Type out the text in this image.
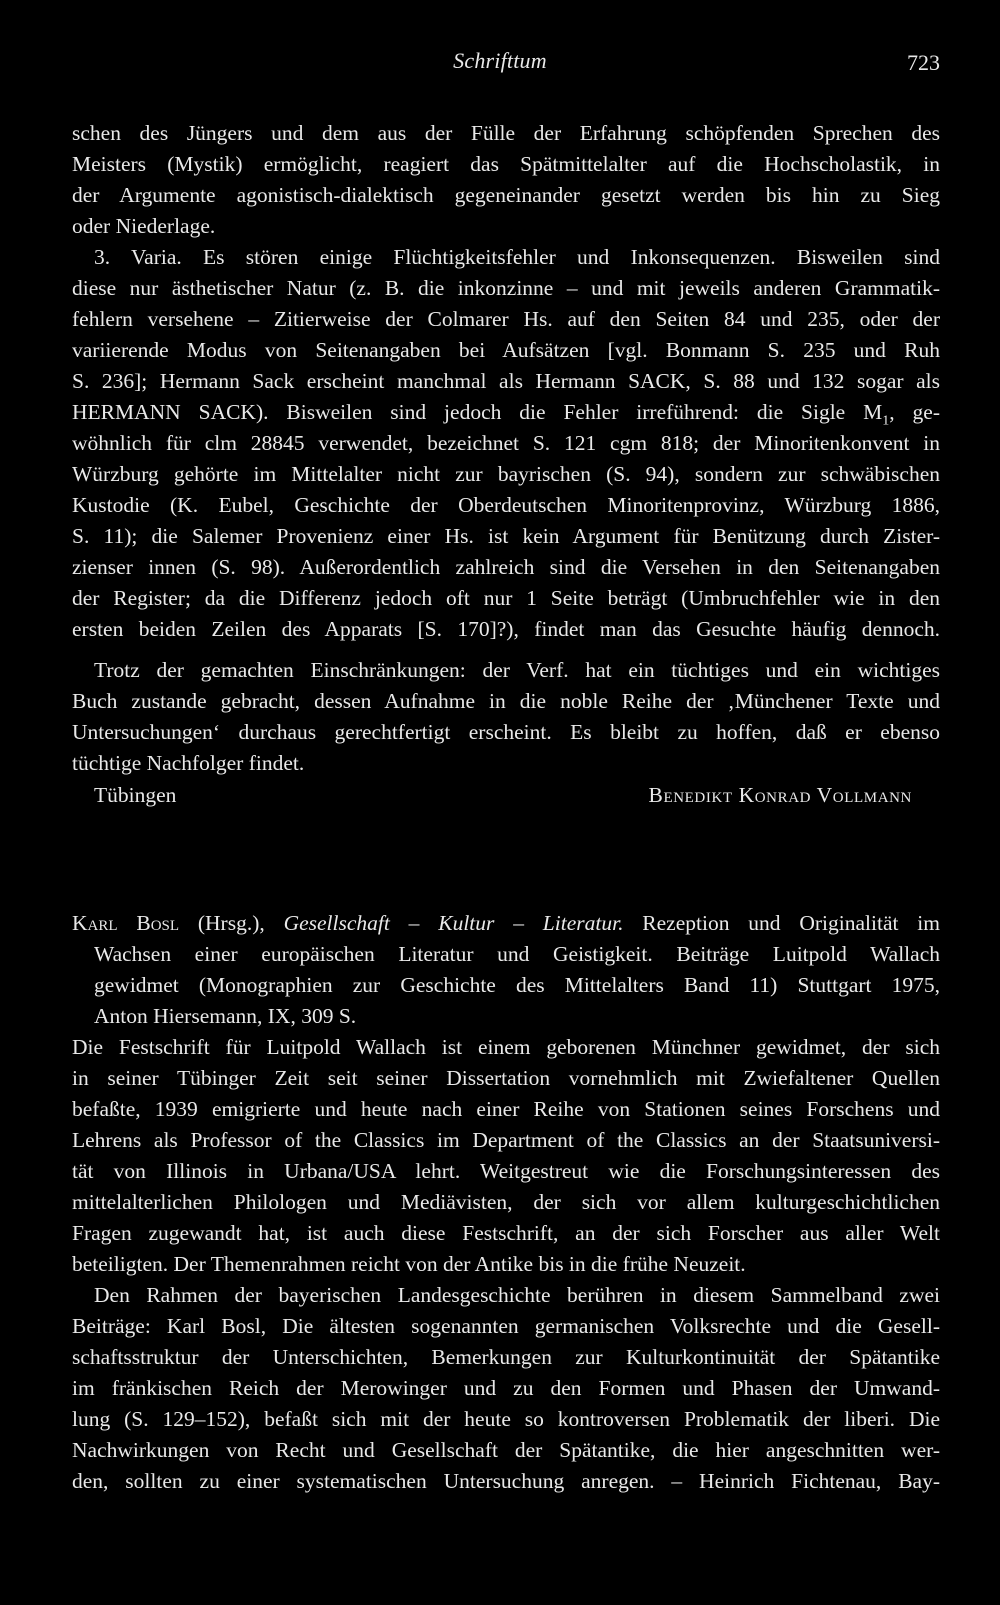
Schrifttum	723
schen des Jüngers und dem aus der Fülle der Erfahrung schöpfenden Sprechen des
Meisters (Mystik) ermöglicht, reagiert das Spätmittelalter auf die Hochscholastik, in
der Argumente agonistisch-dialektisch gegeneinander gesetzt werden bis hin zu Sieg
oder Niederlage.
3. Varia. Es stören einige Flüchtigkeitsfehler und Inkonsequenzen. Bisweilen sind
diese nur ästhetischer Natur (z. B. die inkonzinne – und mit jeweils anderen Grammatik-
fehlern versehene – Zitierweise der Colmarer Hs. auf den Seiten 84 und 235, oder der
variierende Modus von Seitenangaben bei Aufsätzen [vgl. Bonmann S. 235 und Ruh
S. 236]; Hermann Sack erscheint manchmal als Hermann SACK, S. 88 und 132 sogar als
HERMANN SACK). Bisweilen sind jedoch die Fehler irreführend: die Sigle $M_1$, ge-
wöhnlich für clm 28845 verwendet, bezeichnet S. 121 cgm 818; der Minoritenkonvent in
Würzburg gehörte im Mittelalter nicht zur bayrischen (S. 94), sondern zur schwäbischen
Kustodie (K. Eubel, Geschichte der Oberdeutschen Minoritenprovinz, Würzburg 1886,
S. 11); die Salemer Provenienz einer Hs. ist kein Argument für Benützung durch Zister-
zienser innen (S. 98). Außerordentlich zahlreich sind die Versehen in den Seitenangaben
der Register; da die Differenz jedoch oft nur 1 Seite beträgt (Umbruchfehler wie in den
ersten beiden Zeilen des Apparats [S. 170]?), findet man das Gesuchte häufig dennoch.
Trotz der gemachten Einschränkungen: der Verf. hat ein tüchtiges und ein wichtiges
Buch zustande gebracht, dessen Aufnahme in die noble Reihe der ‚Münchener Texte und
Untersuchungen‘ durchaus gerechtfertigt erscheint. Es bleibt zu hoffen, daß er ebenso
tüchtige Nachfolger findet.
Tübingen	Benedikt Konrad Vollmann
Karl Bosl (Hrsg.), Gesellschaft – Kultur – Literatur. Rezeption und Originalität im
Wachsen einer europäischen Literatur und Geistigkeit. Beiträge Luitpold Wallach
gewidmet (Monographien zur Geschichte des Mittelalters Band 11) Stuttgart 1975,
Anton Hiersemann, IX, 309 S.
Die Festschrift für Luitpold Wallach ist einem geborenen Münchner gewidmet, der sich
in seiner Tübinger Zeit seit seiner Dissertation vornehmlich mit Zwiefaltener Quellen
befaßte, 1939 emigrierte und heute nach einer Reihe von Stationen seines Forschens und
Lehrens als Professor of the Classics im Department of the Classics an der Staatsuniversi-
tät von Illinois in Urbana/USA lehrt. Weitgestreut wie die Forschungsinteressen des
mittelalterlichen Philologen und Mediävisten, der sich vor allem kulturgeschichtlichen
Fragen zugewandt hat, ist auch diese Festschrift, an der sich Forscher aus aller Welt
beteiligten. Der Themenrahmen reicht von der Antike bis in die frühe Neuzeit.
Den Rahmen der bayerischen Landesgeschichte berühren in diesem Sammelband zwei
Beiträge: Karl Bosl, Die ältesten sogenannten germanischen Volksrechte und die Gesell-
schaftsstruktur der Unterschichten, Bemerkungen zur Kulturkontinuität der Spätantike
im fränkischen Reich der Merowinger und zu den Formen und Phasen der Umwand-
lung (S. 129–152), befaßt sich mit der heute so kontroversen Problematik der liberi. Die
Nachwirkungen von Recht und Gesellschaft der Spätantike, die hier angeschnitten wer-
den, sollten zu einer systematischen Untersuchung anregen. – Heinrich Fichtenau, Bay-
